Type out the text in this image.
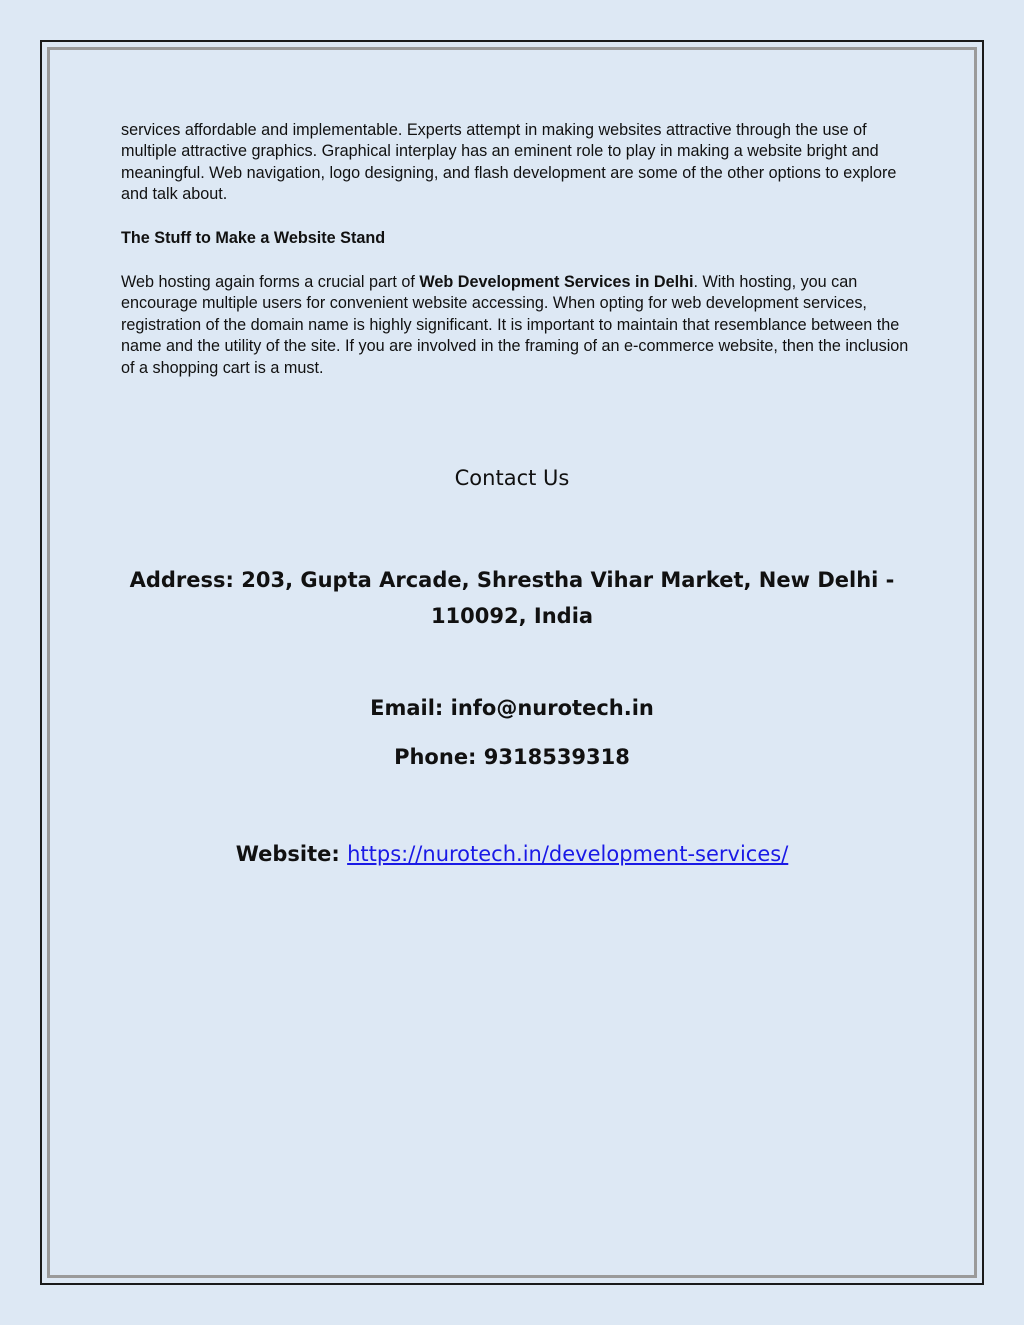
services affordable and implementable. Experts attempt in making websites attractive through the use of multiple attractive graphics. Graphical interplay has an eminent role to play in making a website bright and meaningful. Web navigation, logo designing, and flash development are some of the other options to explore and talk about.
The Stuff to Make a Website Stand
Web hosting again forms a crucial part of Web Development Services in Delhi. With hosting, you can encourage multiple users for convenient website accessing. When opting for web development services, registration of the domain name is highly significant. It is important to maintain that resemblance between the name and the utility of the site. If you are involved in the framing of an e-commerce website, then the inclusion of a shopping cart is a must.
Contact Us
Address: 203, Gupta Arcade, Shrestha Vihar Market, New Delhi -
110092, India
Email: info@nurotech.in
Phone: 9318539318
Website: https://nurotech.in/development-services/
